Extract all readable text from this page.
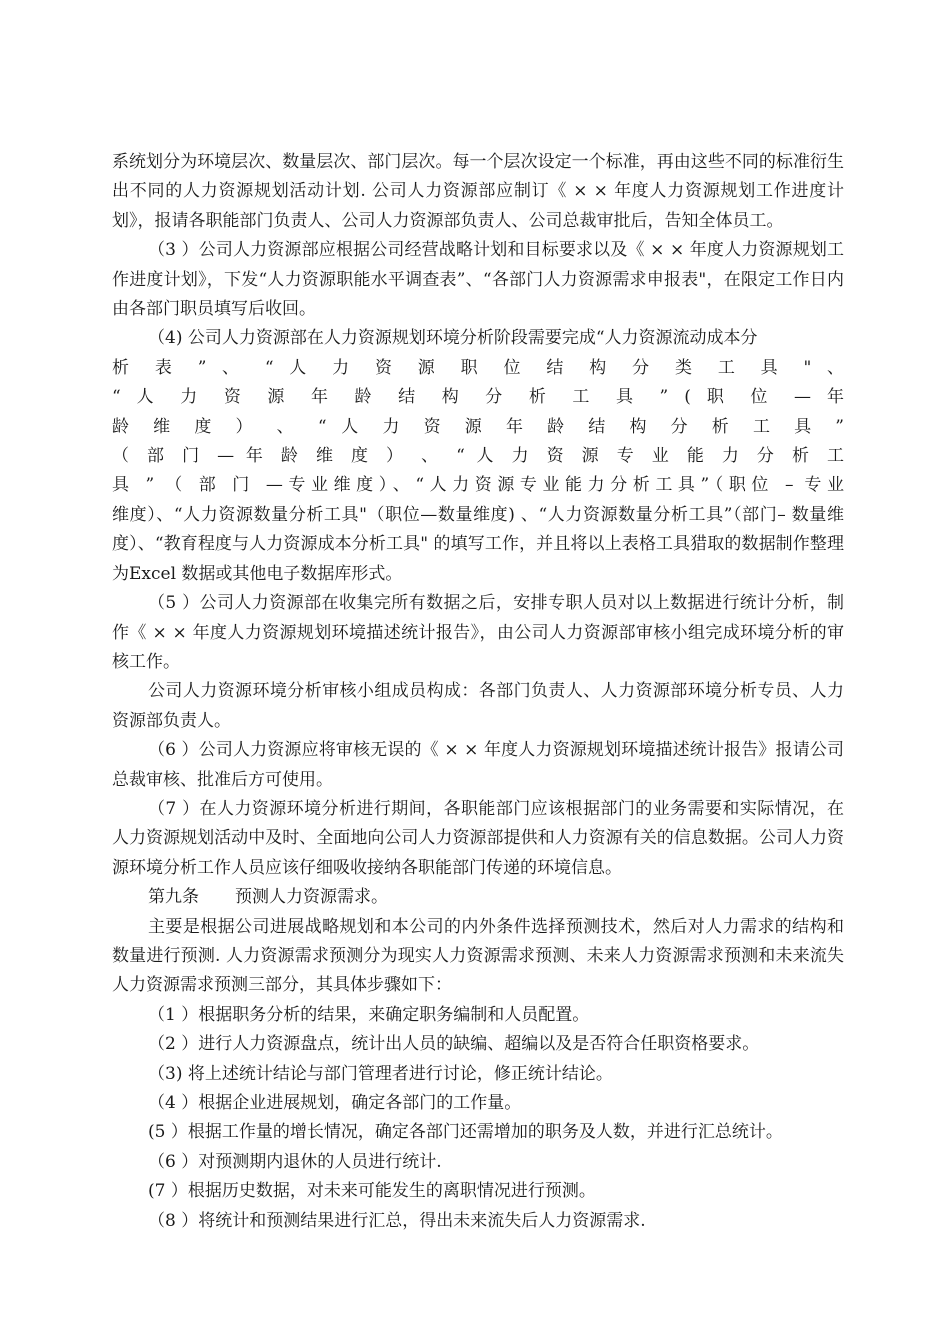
系统划分为环境层次、数量层次、部门层次。每一个层次设定一个标准，再由这些不同的标准衍生出不同的人力资源规划活动计划. 公司人力资源部应制订《 × × 年度人力资源规划工作进度计划》，报请各职能部门负责人、公司人力资源部负责人、公司总裁审批后，告知全体员工。

（3 ）公司人力资源部应根据公司经营战略计划和目标要求以及《 × × 年度人力资源规划工作进度计划》，下发“人力资源职能水平调查表”、“各部门人力资源需求申报表"，在限定工作日内由各部门职员填写后收回。

（4) 公司人力资源部在人力资源规划环境分析阶段需要完成“人力资源流动成本分

析 表 ” 、 “ 人 力 资 源 职 位 结 构 分 类 工 具 " 、

“ 人 力 资 源 年 龄 结 构 分 析 工 具 ” ( 职 位 — 年

龄 维 度 ） 、 “ 人 力 资 源 年 龄 结 构 分 析 工 具 ”

（ 部 门 — 年 龄 维 度 ） 、 “ 人 力 资 源 专 业 能 力 分 析 工

具 ” （ 部 门 —专业维度）、“人力资源专业能力分析工具”（职位 – 专业

维度）、“人力资源数量分析工具"（职位—数量维度) 、“人力资源数量分析工具”（部门– 数量维度）、“教育程度与人力资源成本分析工具" 的填写工作，并且将以上表格工具猎取的数据制作整理为Excel 数据或其他电子数据库形式。

（5 ）公司人力资源部在收集完所有数据之后，安排专职人员对以上数据进行统计分析，制作《 × × 年度人力资源规划环境描述统计报告》，由公司人力资源部审核小组完成环境分析的审核工作。

公司人力资源环境分析审核小组成员构成：各部门负责人、人力资源部环境分析专员、人力资源部负责人。

（6 ）公司人力资源应将审核无误的《 × × 年度人力资源规划环境描述统计报告》报请公司总裁审核、批准后方可使用。

（7 ）在人力资源环境分析进行期间，各职能部门应该根据部门的业务需要和实际情况，在人力资源规划活动中及时、全面地向公司人力资源部提供和人力资源有关的信息数据。公司人力资源环境分析工作人员应该仔细吸收接纳各职能部门传递的环境信息。

第九条 预测人力资源需求。

主要是根据公司进展战略规划和本公司的内外条件选择预测技术，然后对人力需求的结构和数量进行预测. 人力资源需求预测分为现实人力资源需求预测、未来人力资源需求预测和未来流失人力资源需求预测三部分，其具体步骤如下：

（1 ）根据职务分析的结果，来确定职务编制和人员配置。

（2 ）进行人力资源盘点，统计出人员的缺编、超编以及是否符合任职资格要求。

（3) 将上述统计结论与部门管理者进行讨论，修正统计结论。

（4 ）根据企业进展规划，确定各部门的工作量。

(5 ）根据工作量的增长情况，确定各部门还需增加的职务及人数，并进行汇总统计。

（6 ）对预测期内退休的人员进行统计.

(7 ）根据历史数据，对未来可能发生的离职情况进行预测。

（8 ）将统计和预测结果进行汇总，得出未来流失后人力资源需求.
